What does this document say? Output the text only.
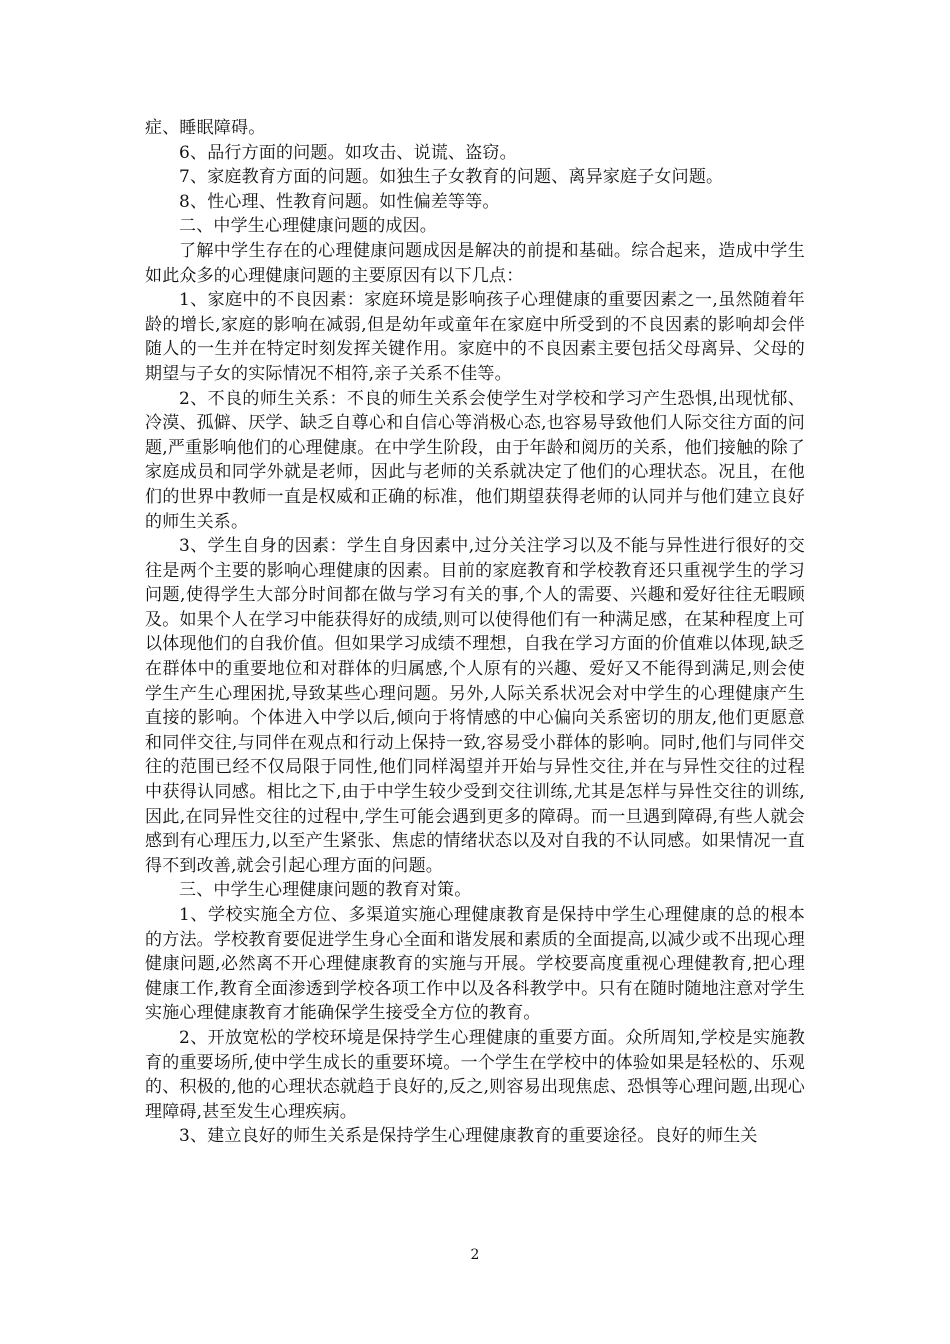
症、睡眠障碍。

6、品行方面的问题。如攻击、说谎、盗窃。

7、家庭教育方面的问题。如独生子女教育的问题、离异家庭子女问题。

8、性心理、性教育问题。如性偏差等等。

二、中学生心理健康问题的成因。

了解中学生存在的心理健康问题成因是解决的前提和基础。综合起来，造成中学生如此众多的心理健康问题的主要原因有以下几点：

1、家庭中的不良因素：家庭环境是影响孩子心理健康的重要因素之一,虽然随着年龄的增长,家庭的影响在减弱,但是幼年或童年在家庭中所受到的不良因素的影响却会伴随人的一生并在特定时刻发挥关键作用。家庭中的不良因素主要包括父母离异、父母的期望与子女的实际情况不相符,亲子关系不佳等。

2、不良的师生关系：不良的师生关系会使学生对学校和学习产生恐惧,出现忧郁、冷漠、孤僻、厌学、缺乏自尊心和自信心等消极心态,也容易导致他们人际交往方面的问题,严重影响他们的心理健康。在中学生阶段，由于年龄和阅历的关系，他们接触的除了家庭成员和同学外就是老师，因此与老师的关系就决定了他们的心理状态。况且，在他们的世界中教师一直是权威和正确的标准，他们期望获得老师的认同并与他们建立良好的师生关系。

3、学生自身的因素：学生自身因素中,过分关注学习以及不能与异性进行很好的交往是两个主要的影响心理健康的因素。目前的家庭教育和学校教育还只重视学生的学习问题,使得学生大部分时间都在做与学习有关的事,个人的需要、兴趣和爱好往往无暇顾及。如果个人在学习中能获得好的成绩,则可以使得他们有一种满足感，在某种程度上可以体现他们的自我价值。但如果学习成绩不理想，自我在学习方面的价值难以体现,缺乏在群体中的重要地位和对群体的归属感,个人原有的兴趣、爱好又不能得到满足,则会使学生产生心理困扰,导致某些心理问题。另外,人际关系状况会对中学生的心理健康产生直接的影响。个体进入中学以后,倾向于将情感的中心偏向关系密切的朋友,他们更愿意和同伴交往,与同伴在观点和行动上保持一致,容易受小群体的影响。同时,他们与同伴交往的范围已经不仅局限于同性,他们同样渴望并开始与异性交往,并在与异性交往的过程中获得认同感。相比之下,由于中学生较少受到交往训练,尤其是怎样与异性交往的训练,因此,在同异性交往的过程中,学生可能会遇到更多的障碍。而一旦遇到障碍,有些人就会感到有心理压力,以至产生紧张、焦虑的情绪状态以及对自我的不认同感。如果情况一直得不到改善,就会引起心理方面的问题。

三、中学生心理健康问题的教育对策。

1、学校实施全方位、多渠道实施心理健康教育是保持中学生心理健康的总的根本的方法。学校教育要促进学生身心全面和谐发展和素质的全面提高,以减少或不出现心理健康问题,必然离不开心理健康教育的实施与开展。学校要高度重视心理健教育,把心理健康工作,教育全面渗透到学校各项工作中以及各科教学中。只有在随时随地注意对学生实施心理健康教育才能确保学生接受全方位的教育。

2、开放宽松的学校环境是保持学生心理健康的重要方面。众所周知,学校是实施教育的重要场所,使中学生成长的重要环境。一个学生在学校中的体验如果是轻松的、乐观的、积极的,他的心理状态就趋于良好的,反之,则容易出现焦虑、恐惧等心理问题,出现心理障碍,甚至发生心理疾病。

3、建立良好的师生关系是保持学生心理健康教育的重要途径。良好的师生关

2
